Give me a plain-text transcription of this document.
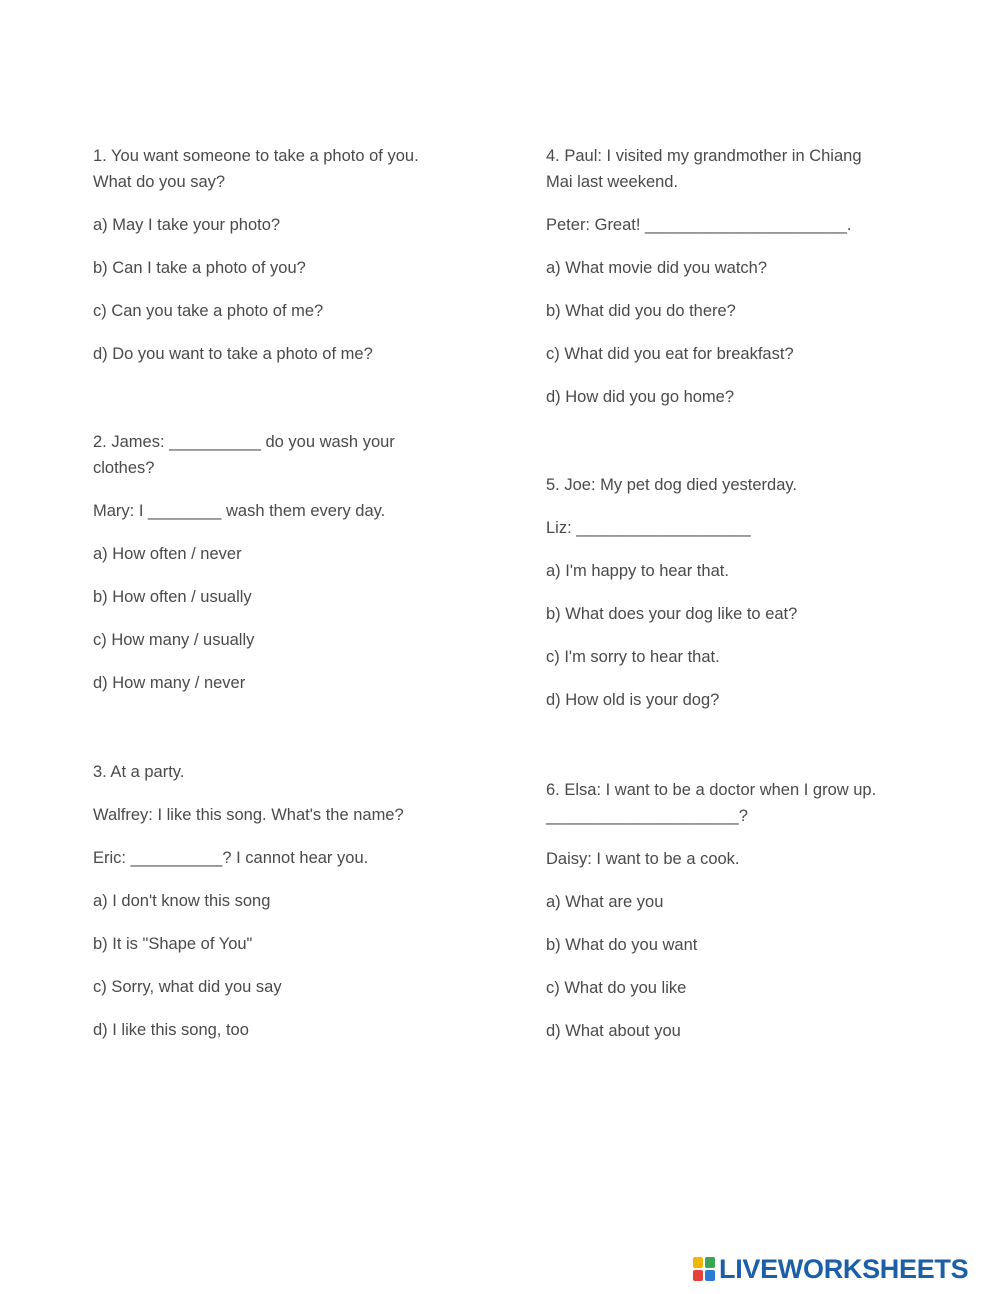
1. You want someone to take a photo of you.
What do you say?
a) May I take your photo?
b) Can I take a photo of you?
c) Can you take a photo of me?
d) Do you want to take a photo of me?
2. James: __________ do you wash your
clothes?
Mary: I ________ wash them every day.
a) How often / never
b) How often / usually
c) How many / usually
d) How many / never
3. At a party.
Walfrey: I like this song. What's the name?
Eric: __________? I cannot hear you.
a) I don't know this song
b) It is "Shape of You"
c) Sorry, what did you say
d) I like this song, too
4. Paul: I visited my grandmother in Chiang
Mai last weekend.
Peter: Great! ______________________.
a) What movie did you watch?
b) What did you do there?
c) What did you eat for breakfast?
d) How did you go home?
5. Joe: My pet dog died yesterday.
Liz: ___________________
a) I'm happy to hear that.
b) What does your dog like to eat?
c) I'm sorry to hear that.
d) How old is your dog?
6. Elsa: I want to be a doctor when I grow up.
_____________________?
Daisy: I want to be a cook.
a) What are you
b) What do you want
c) What do you like
d) What about you
LIVEWORKSHEETS
